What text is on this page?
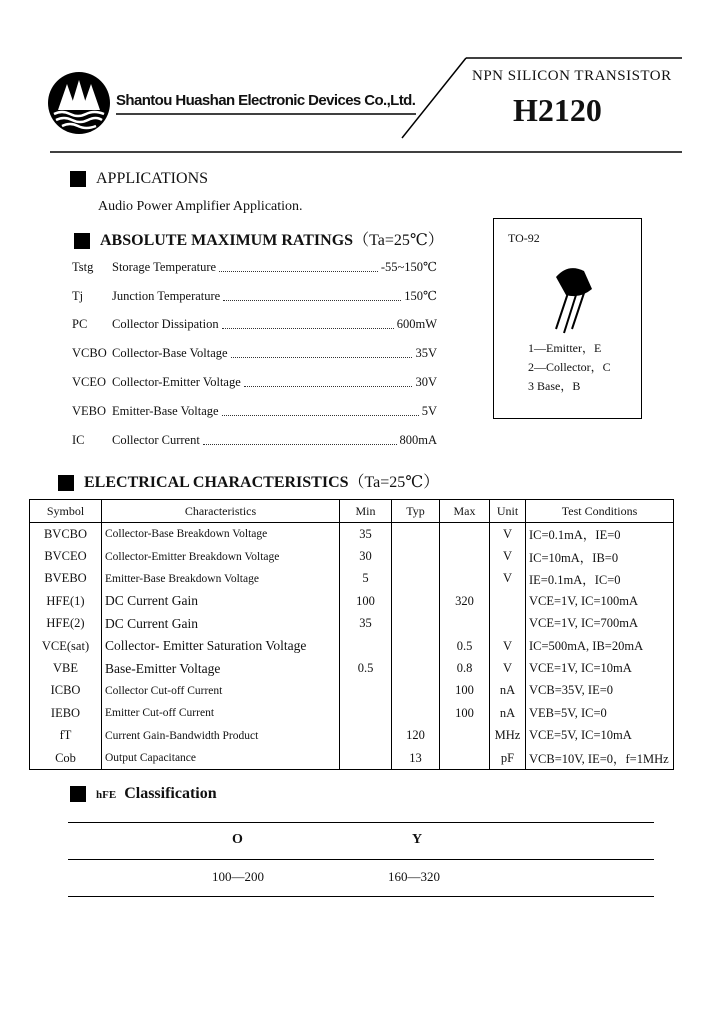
Shantou Huashan Electronic Devices Co.,Ltd.
NPN SILICON TRANSISTOR
H2120
APPLICATIONS
Audio Power Amplifier Application.
ABSOLUTE MAXIMUM RATINGS（Ta=25℃）
Tstg	Storage Temperature	-55~150℃
Tj	Junction Temperature	150℃
PC	Collector Dissipation	600mW
VCBO Collector-Base Voltage	35V
VCEO Collector-Emitter Voltage	30V
VEBO Emitter-Base Voltage	5V
IC	Collector Current	800mA
TO-92
1—Emitter，E
2—Collector，C
3 Base，B
ELECTRICAL CHARACTERISTICS（Ta=25℃）
Symbol	Characteristics	Min	Typ	Max	Unit	Test Conditions
BVCBO	Collector-Base Breakdown Voltage	35			V	IC=0.1mA，IE=0
BVCEO	Collector-Emitter Breakdown Voltage	30			V	IC=10mA，IB=0
BVEBO	Emitter-Base Breakdown Voltage	5			V	IE=0.1mA，IC=0
HFE(1)	DC Current Gain	100		320		VCE=1V, IC=100mA
HFE(2)	DC Current Gain	35				VCE=1V, IC=700mA
VCE(sat)	Collector- Emitter Saturation Voltage			0.5	V	IC=500mA, IB=20mA
VBE	Base-Emitter Voltage	0.5		0.8	V	VCE=1V, IC=10mA
ICBO	Collector Cut-off Current			100	nA	VCB=35V, IE=0
IEBO	Emitter Cut-off Current			100	nA	VEB=5V, IC=0
fT	Current Gain-Bandwidth Product		120		MHz	VCE=5V, IC=10mA
Cob	Output Capacitance		13		pF	VCB=10V, IE=0，f=1MHz
hFE Classification
O	Y
100—200	160—320
